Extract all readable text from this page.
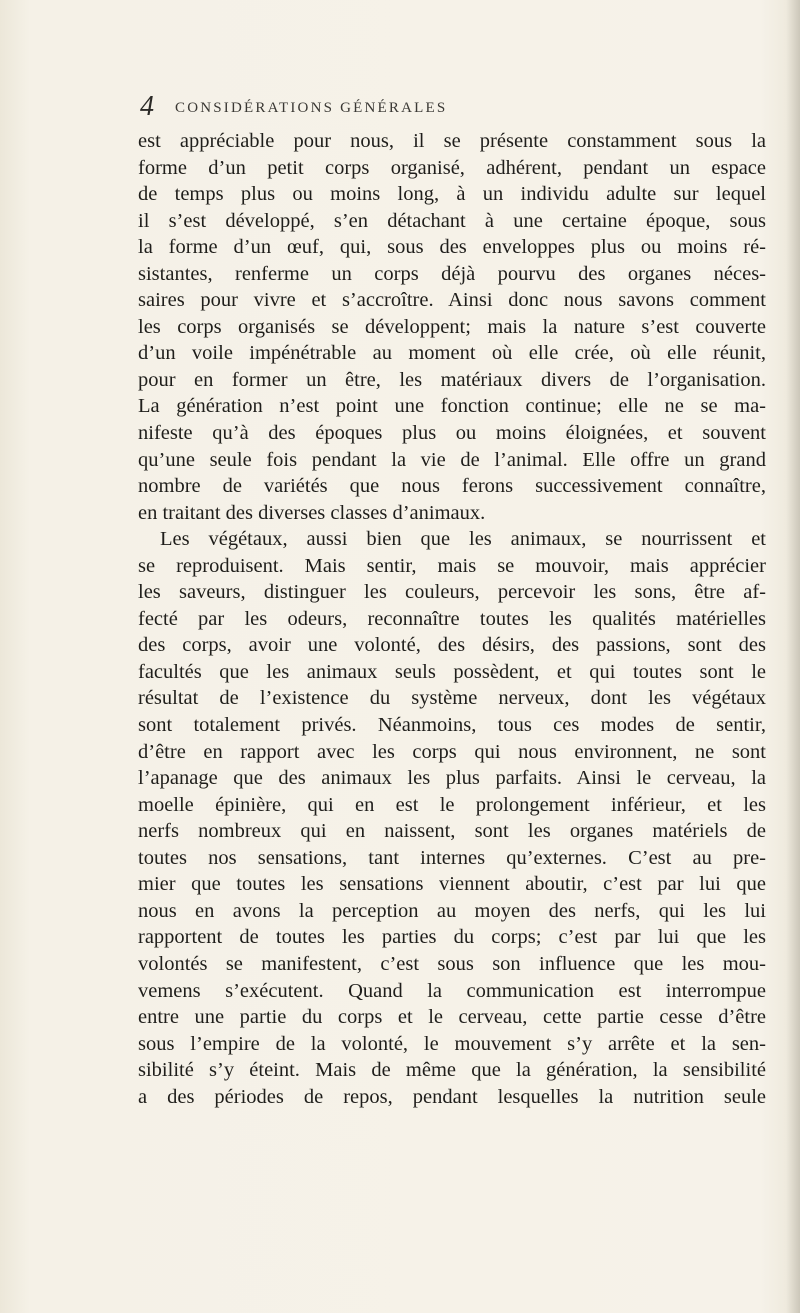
4 CONSIDÉRATIONS GÉNÉRALES
est appréciable pour nous, il se présente constamment sous la
forme d’un petit corps organisé, adhérent, pendant un espace
de temps plus ou moins long, à un individu adulte sur lequel
il s’est développé, s’en détachant à une certaine époque, sous
la forme d’un œuf, qui, sous des enveloppes plus ou moins ré-
sistantes, renferme un corps déjà pourvu des organes néces-
saires pour vivre et s’accroître. Ainsi donc nous savons comment
les corps organisés se développent; mais la nature s’est couverte
d’un voile impénétrable au moment où elle crée, où elle réunit,
pour en former un être, les matériaux divers de l’organisation.
La génération n’est point une fonction continue; elle ne se ma-
nifeste qu’à des époques plus ou moins éloignées, et souvent
qu’une seule fois pendant la vie de l’animal. Elle offre un grand
nombre de variétés que nous ferons successivement connaître,
en traitant des diverses classes d’animaux.
Les végétaux, aussi bien que les animaux, se nourrissent et
se reproduisent. Mais sentir, mais se mouvoir, mais apprécier
les saveurs, distinguer les couleurs, percevoir les sons, être af-
fecté par les odeurs, reconnaître toutes les qualités matérielles
des corps, avoir une volonté, des désirs, des passions, sont des
facultés que les animaux seuls possèdent, et qui toutes sont le
résultat de l’existence du système nerveux, dont les végétaux
sont totalement privés. Néanmoins, tous ces modes de sentir,
d’être en rapport avec les corps qui nous environnent, ne sont
l’apanage que des animaux les plus parfaits. Ainsi le cerveau, la
moelle épinière, qui en est le prolongement inférieur, et les
nerfs nombreux qui en naissent, sont les organes matériels de
toutes nos sensations, tant internes qu’externes. C’est au pre-
mier que toutes les sensations viennent aboutir, c’est par lui que
nous en avons la perception au moyen des nerfs, qui les lui
rapportent de toutes les parties du corps; c’est par lui que les
volontés se manifestent, c’est sous son influence que les mou-
vemens s’exécutent. Quand la communication est interrompue
entre une partie du corps et le cerveau, cette partie cesse d’être
sous l’empire de la volonté, le mouvement s’y arrête et la sen-
sibilité s’y éteint. Mais de même que la génération, la sensibilité
a des périodes de repos, pendant lesquelles la nutrition seule
